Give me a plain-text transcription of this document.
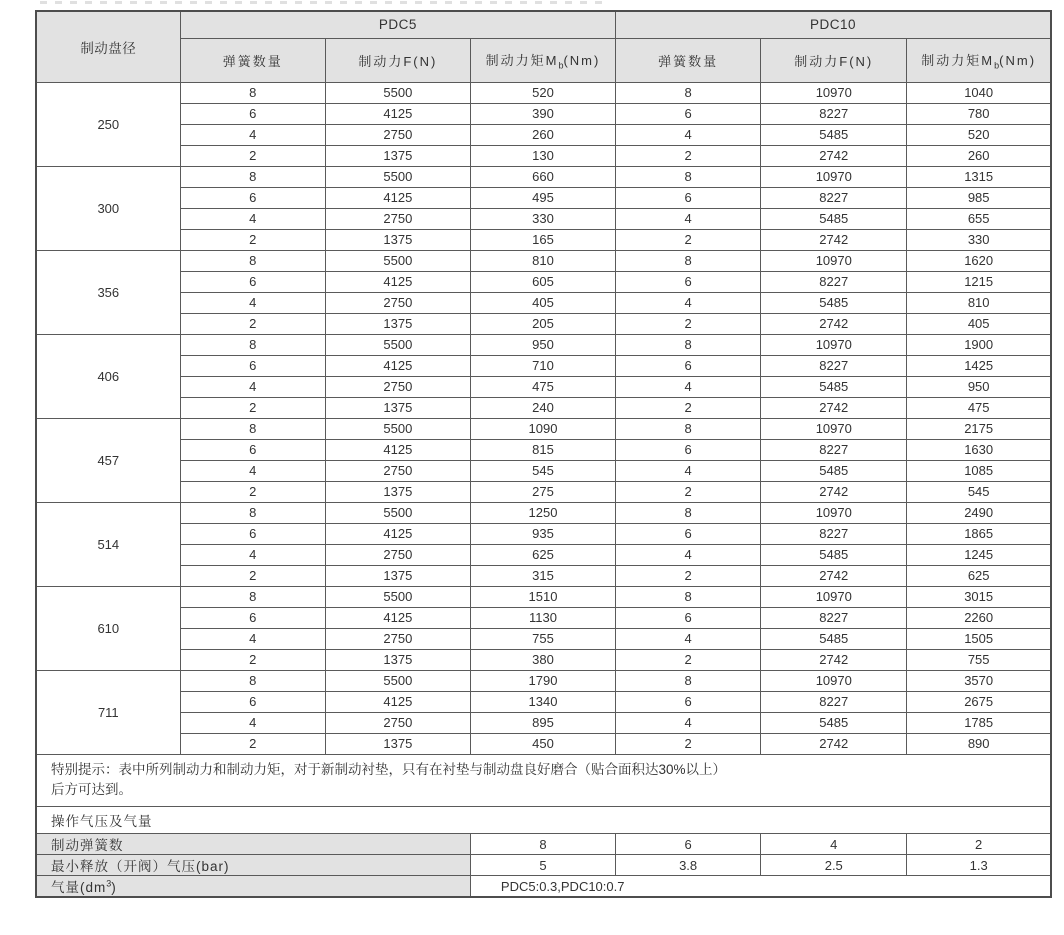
制动盘径	PDC5			PDC10		
	弹簧数量	制动力F(N)	制动力矩$M_b(Nm)$	弹簧数量	制动力F(N)	制动力矩$M_b(Nm)$
250	8	5500	520	8	10970	1040
	6	4125	390	6	8227	780
	4	2750	260	4	5485	520
	2	1375	130	2	2742	260
300	8	5500	660	8	10970	1315
	6	4125	495	6	8227	985
	4	2750	330	4	5485	655
	2	1375	165	2	2742	330
356	8	5500	810	8	10970	1620
	6	4125	605	6	8227	1215
	4	2750	405	4	5485	810
	2	1375	205	2	2742	405
406	8	5500	950	8	10970	1900
	6	4125	710	6	8227	1425
	4	2750	475	4	5485	950
	2	1375	240	2	2742	475
457	8	5500	1090	8	10970	2175
	6	4125	815	6	8227	1630
	4	2750	545	4	5485	1085
	2	1375	275	2	2742	545
514	8	5500	1250	8	10970	2490
	6	4125	935	6	8227	1865
	4	2750	625	4	5485	1245
	2	1375	315	2	2742	625
610	8	5500	1510	8	10970	3015
	6	4125	1130	6	8227	2260
	4	2750	755	4	5485	1505
	2	1375	380	2	2742	755
711	8	5500	1790	8	10970	3570
	6	4125	1340	6	8227	2675
	4	2750	895	4	5485	1785
	2	1375	450	2	2742	890
特别提示：表中所列制动力和制动力矩，对于新制动衬垫，只有在衬垫与制动盘良好磨合（贴合面积达30%以上）
后方可达到。						
操作气压及气量						
制动弹簧数			8	6	4	2
最小释放（开阀）气压(bar)			5	3.8	2.5	1.3
气量$(dm^3)$			PDC5:0.3,PDC10:0.7			
